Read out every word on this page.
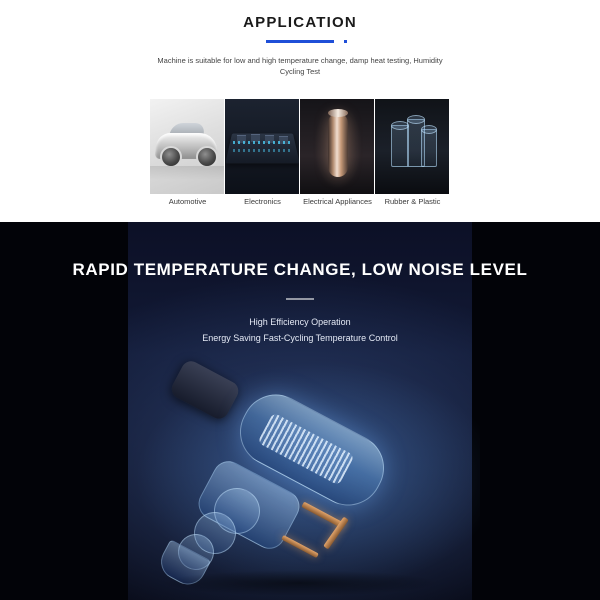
APPLICATION
Machine is suitable for low and high temperature change, damp heat testing, Humidity Cycling Test
Automotive	Electronics	Electrical Appliances	Rubber & Plastic
RAPID TEMPERATURE CHANGE, LOW NOISE LEVEL
High Efficiency Operation
Energy Saving Fast-Cycling Temperature Control
